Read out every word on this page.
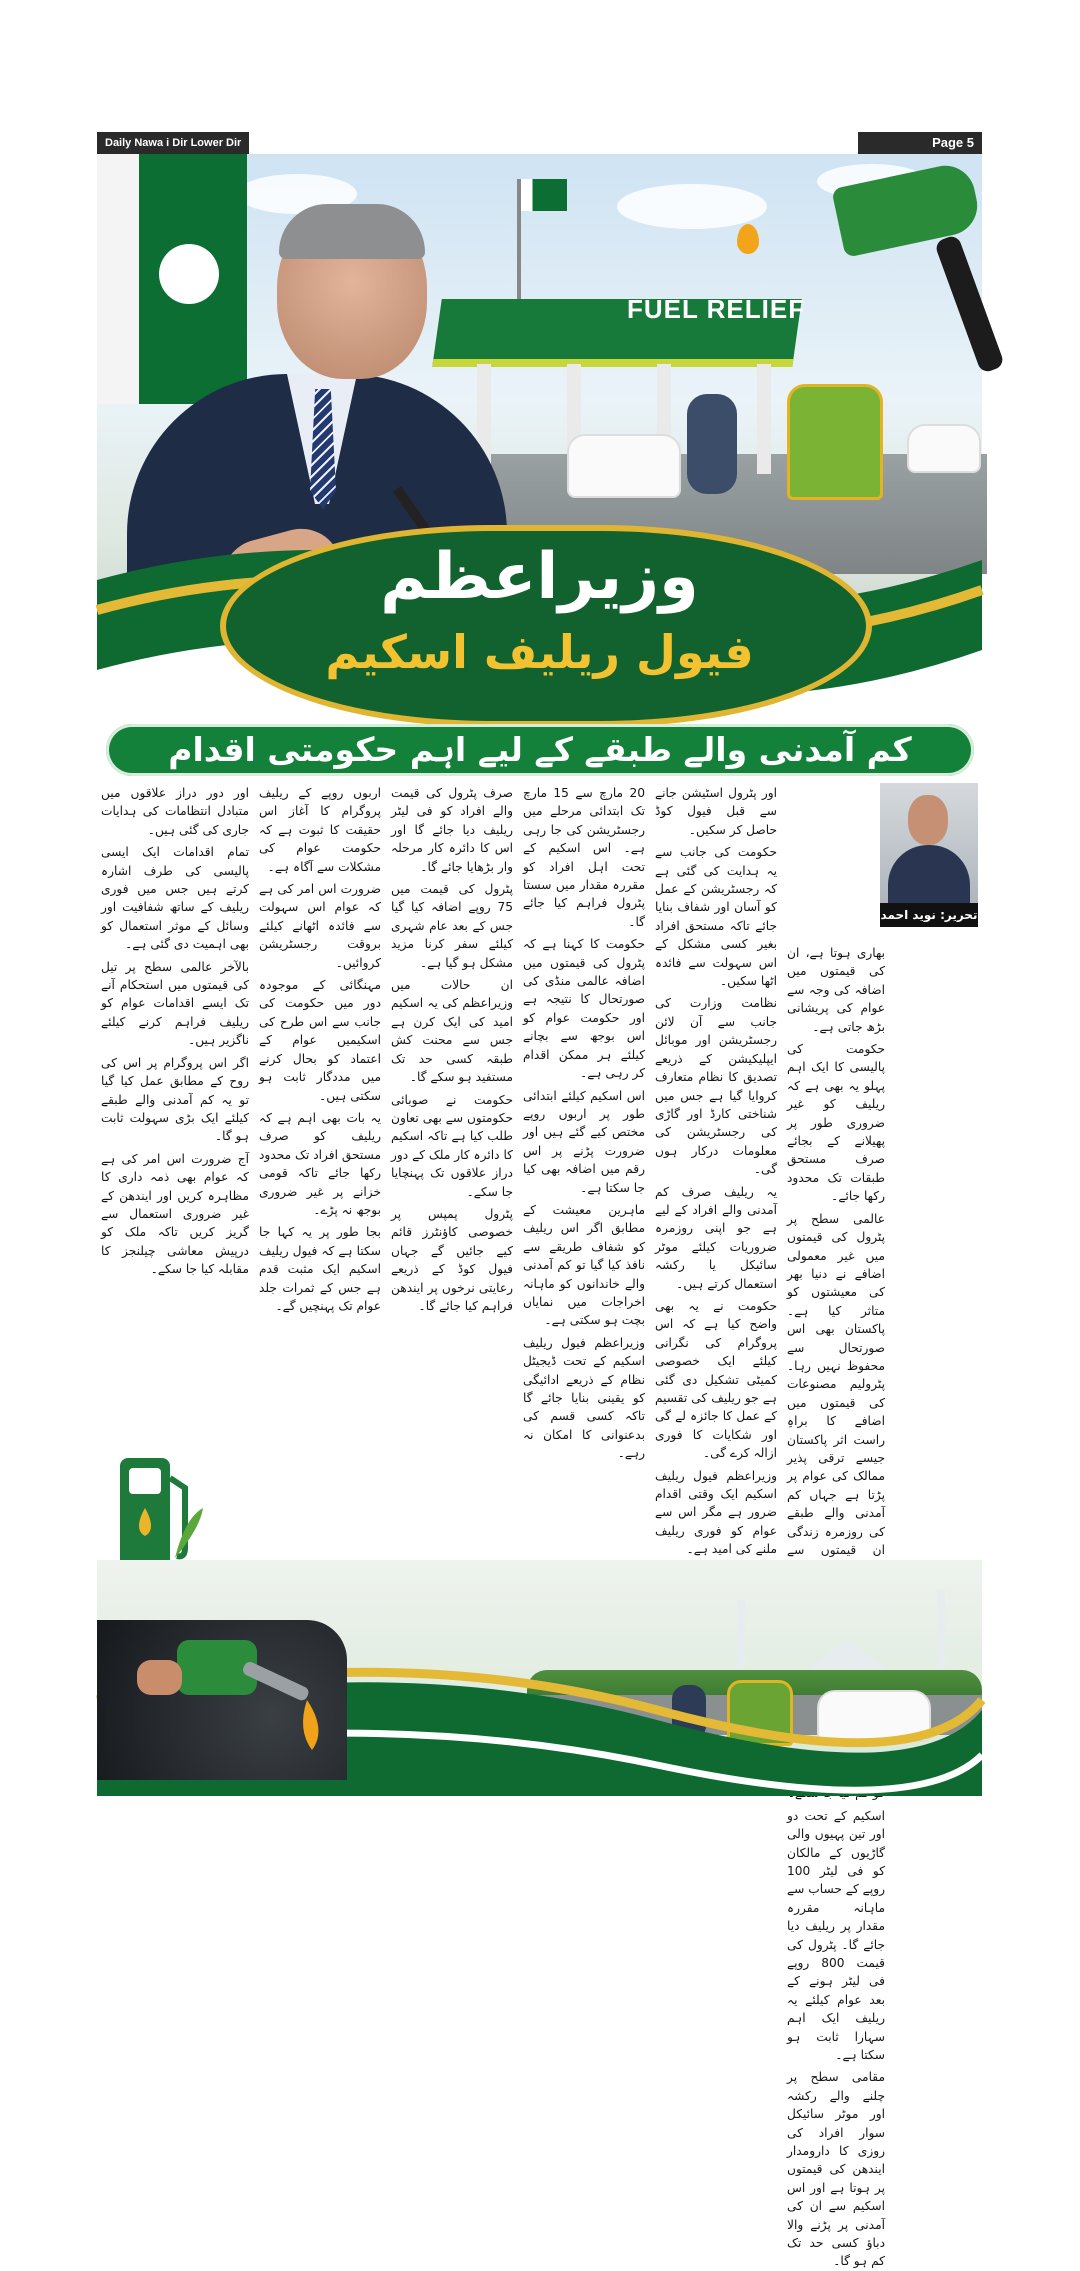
Daily Nawa i Dir Lower Dir	Page 5
FUEL RELIEF
وزیراعظم
فیول ریلیف اسکیم
کم آمدنی والے طبقے کے لیے اہم حکومتی اقدام
تحریر: نوید احمد شیخ

بھاری ہوتا ہے، ان کی قیمتوں میں اضافہ کی وجہ سے عوام کی پریشانی بڑھ جاتی ہے۔

حکومت کی پالیسی کا ایک اہم پہلو یہ بھی ہے کہ ریلیف کو غیر ضروری طور پر پھیلانے کے بجائے صرف مستحق طبقات تک محدود رکھا جائے۔

عالمی سطح پر پٹرول کی قیمتوں میں غیر معمولی اضافے نے دنیا بھر کی معیشتوں کو متاثر کیا ہے۔ پاکستان بھی اس صورتحال سے محفوظ نہیں رہا۔ پٹرولیم مصنوعات کی قیمتوں میں اضافے کا براہِ راست اثر پاکستان جیسے ترقی پذیر ممالک کی عوام پر پڑتا ہے جہاں کم آمدنی والے طبقے کی روزمرہ زندگی ان قیمتوں سے

اسکیم کے تحت دو اور تین پہیوں والی گاڑیوں کے مالکان کو فی لیٹر 100 روپے کے حساب سے ماہانہ مقررہ مقدار پر ریلیف دیا جائے گا۔ پٹرول کی قیمت 800 روپے فی لیٹر ہونے کے بعد عوام کیلئے یہ ریلیف ایک اہم سہارا ثابت ہو سکتا ہے۔

مقامی سطح پر چلنے والے رکشہ اور موٹر سائیکل سوار افراد کی روزی کا دارومدار ایندھن کی قیمتوں پر ہوتا ہے اور اس اسکیم سے ان کی آمدنی پر پڑنے والا دباؤ کسی حد تک کم ہو گا۔

اور پٹرول اسٹیشن جانے سے قبل فیول کوڈ حاصل کر سکیں۔

حکومت کی جانب سے یہ ہدایت کی گئی ہے کہ رجسٹریشن کے عمل کو آسان اور شفاف بنایا جائے تاکہ مستحق افراد بغیر کسی مشکل کے اس سہولت سے فائدہ اٹھا سکیں۔

نظامت وزارت کی جانب سے آن لائن رجسٹریشن اور موبائل ایپلیکیشن کے ذریعے تصدیق کا نظام متعارف کروایا گیا ہے جس میں شناختی کارڈ اور گاڑی کی رجسٹریشن کی معلومات درکار ہوں گی۔

یہ ریلیف صرف کم آمدنی والے افراد کے لیے ہے جو اپنی روزمرہ ضروریات کیلئے موٹر سائیکل یا رکشہ استعمال کرتے ہیں۔

حکومت نے یہ بھی واضح کیا ہے کہ اس پروگرام کی نگرانی کیلئے ایک خصوصی کمیٹی تشکیل دی گئی ہے جو ریلیف کی تقسیم کے عمل کا جائزہ لے گی اور شکایات کا فوری ازالہ کرے گی۔

وزیراعظم فیول ریلیف اسکیم ایک وقتی اقدام ضرور ہے مگر اس سے عوام کو فوری ریلیف ملنے کی امید ہے۔

20 مارچ سے 15 مارچ تک ابتدائی مرحلے میں رجسٹریشن کی جا رہی ہے۔ اس اسکیم کے تحت اہل افراد کو مقررہ مقدار میں سستا پٹرول فراہم کیا جائے گا۔

حکومت کا کہنا ہے کہ پٹرول کی قیمتوں میں اضافہ عالمی منڈی کی صورتحال کا نتیجہ ہے اور حکومت عوام کو اس بوجھ سے بچانے کیلئے ہر ممکن اقدام کر رہی ہے۔

اس اسکیم کیلئے ابتدائی طور پر اربوں روپے مختص کیے گئے ہیں اور ضرورت پڑنے پر اس رقم میں اضافہ بھی کیا جا سکتا ہے۔

ماہرین معیشت کے مطابق اگر اس ریلیف کو شفاف طریقے سے نافذ کیا گیا تو کم آمدنی والے خاندانوں کو ماہانہ اخراجات میں نمایاں بچت ہو سکتی ہے۔

وزیراعظم فیول ریلیف اسکیم کے تحت ڈیجیٹل نظام کے ذریعے ادائیگی کو یقینی بنایا جائے گا تاکہ کسی قسم کی بدعنوانی کا امکان نہ رہے۔

صرف پٹرول کی قیمت والے افراد کو فی لیٹر ریلیف دیا جائے گا اور اس کا دائرہ کار مرحلہ وار بڑھایا جائے گا۔

پٹرول کی قیمت میں 75 روپے اضافہ کیا گیا جس کے بعد عام شہری کیلئے سفر کرنا مزید مشکل ہو گیا ہے۔

ان حالات میں وزیراعظم کی یہ اسکیم امید کی ایک کرن ہے جس سے محنت کش طبقہ کسی حد تک مستفید ہو سکے گا۔

حکومت نے صوبائی حکومتوں سے بھی تعاون طلب کیا ہے تاکہ اسکیم کا دائرہ کار ملک کے دور دراز علاقوں تک پہنچایا جا سکے۔

پٹرول پمپس پر خصوصی کاؤنٹرز قائم کیے جائیں گے جہاں فیول کوڈ کے ذریعے رعایتی نرخوں پر ایندھن فراہم کیا جائے گا۔

اربوں روپے کے ریلیف پروگرام کا آغاز اس حقیقت کا ثبوت ہے کہ حکومت عوام کی مشکلات سے آگاہ ہے۔

ضرورت اس امر کی ہے کہ عوام اس سہولت سے فائدہ اٹھانے کیلئے بروقت رجسٹریشن کروائیں۔

مہنگائی کے موجودہ دور میں حکومت کی جانب سے اس طرح کی اسکیمیں عوام کے اعتماد کو بحال کرنے میں مددگار ثابت ہو سکتی ہیں۔

یہ بات بھی اہم ہے کہ ریلیف کو صرف مستحق افراد تک محدود رکھا جائے تاکہ قومی خزانے پر غیر ضروری بوجھ نہ پڑے۔

بجا طور پر یہ کہا جا سکتا ہے کہ فیول ریلیف اسکیم ایک مثبت قدم ہے جس کے ثمرات جلد عوام تک پہنچیں گے۔

اور دور دراز علاقوں میں متبادل انتظامات کی ہدایات جاری کی گئی ہیں۔

تمام اقدامات ایک ایسی پالیسی کی طرف اشارہ کرتے ہیں جس میں فوری ریلیف کے ساتھ شفافیت اور وسائل کے موثر استعمال کو بھی اہمیت دی گئی ہے۔

بالآخر عالمی سطح پر تیل کی قیمتوں میں استحکام آنے تک ایسے اقدامات عوام کو ریلیف فراہم کرنے کیلئے ناگزیر ہیں۔

اگر اس پروگرام پر اس کی روح کے مطابق عمل کیا گیا تو یہ کم آمدنی والے طبقے کیلئے ایک بڑی سہولت ثابت ہو گا۔

آج ضرورت اس امر کی ہے کہ عوام بھی ذمہ داری کا مظاہرہ کریں اور ایندھن کے غیر ضروری استعمال سے گریز کریں تاکہ ملک کو درپیش معاشی چیلنجز کا مقابلہ کیا جا سکے۔
